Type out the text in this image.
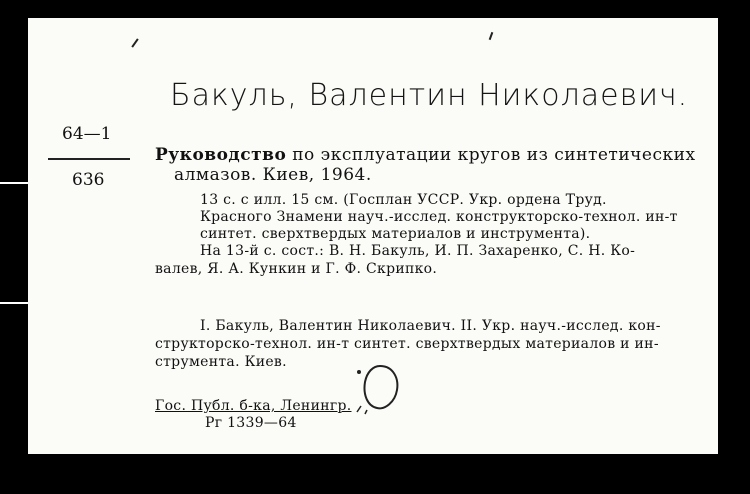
Бакуль, Валентин Николаевич.
64—1
636
Руководство по эксплуатации кругов из синтетических
алмазов. Киев, 1964.
13 с. с илл. 15 см. (Госплан УССР. Укр. ордена Труд.
Красного Знамени науч.-исслед. конструкторско-технол. ин-т
синтет. сверхтвердых материалов и инструмента).
На 13-й с. сост.: В. Н. Бакуль, И. П. Захаренко, С. Н. Ко-
валев, Я. А. Кункин и Г. Ф. Скрипко.
I. Бакуль, Валентин Николаевич. II. Укр. науч.-исслед. кон-
структорско-технол. ин-т синтет. сверхтвердых материалов и ин-
струмента. Киев.
Гос. Публ. б-ка, Ленингр.
Рг 1339—64
